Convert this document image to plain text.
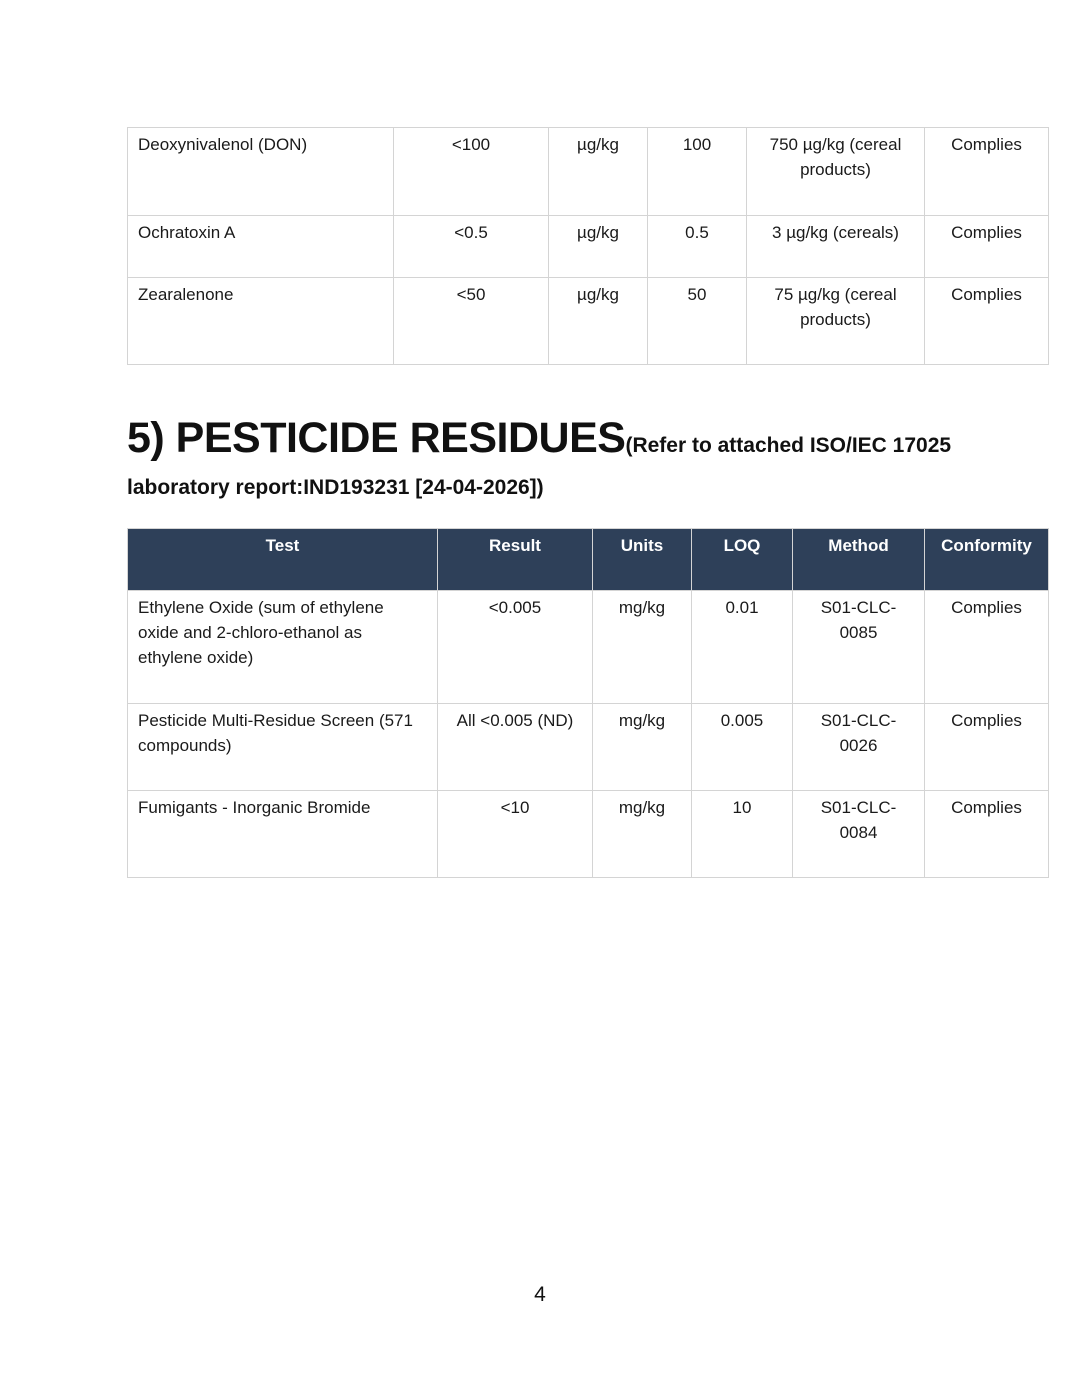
Deoxynivalenol (DON)	<100	µg/kg	100	750 µg/kg (cereal products)	Complies
Ochratoxin A	<0.5	µg/kg	0.5	3 µg/kg (cereals)	Complies
Zearalenone	<50	µg/kg	50	75 µg/kg (cereal products)	Complies
5) PESTICIDE RESIDUES(Refer to attached ISO/IEC 17025
laboratory report:IND193231 [24-04-2026])
Test	Result	Units	LOQ	Method	Conformity
Ethylene Oxide (sum of ethylene oxide and 2-chloro-ethanol as ethylene oxide)	<0.005	mg/kg	0.01	S01-CLC-0085	Complies
Pesticide Multi-Residue Screen (571 compounds)	All <0.005 (ND)	mg/kg	0.005	S01-CLC-0026	Complies
Fumigants - Inorganic Bromide	<10	mg/kg	10	S01-CLC-0084	Complies
4
